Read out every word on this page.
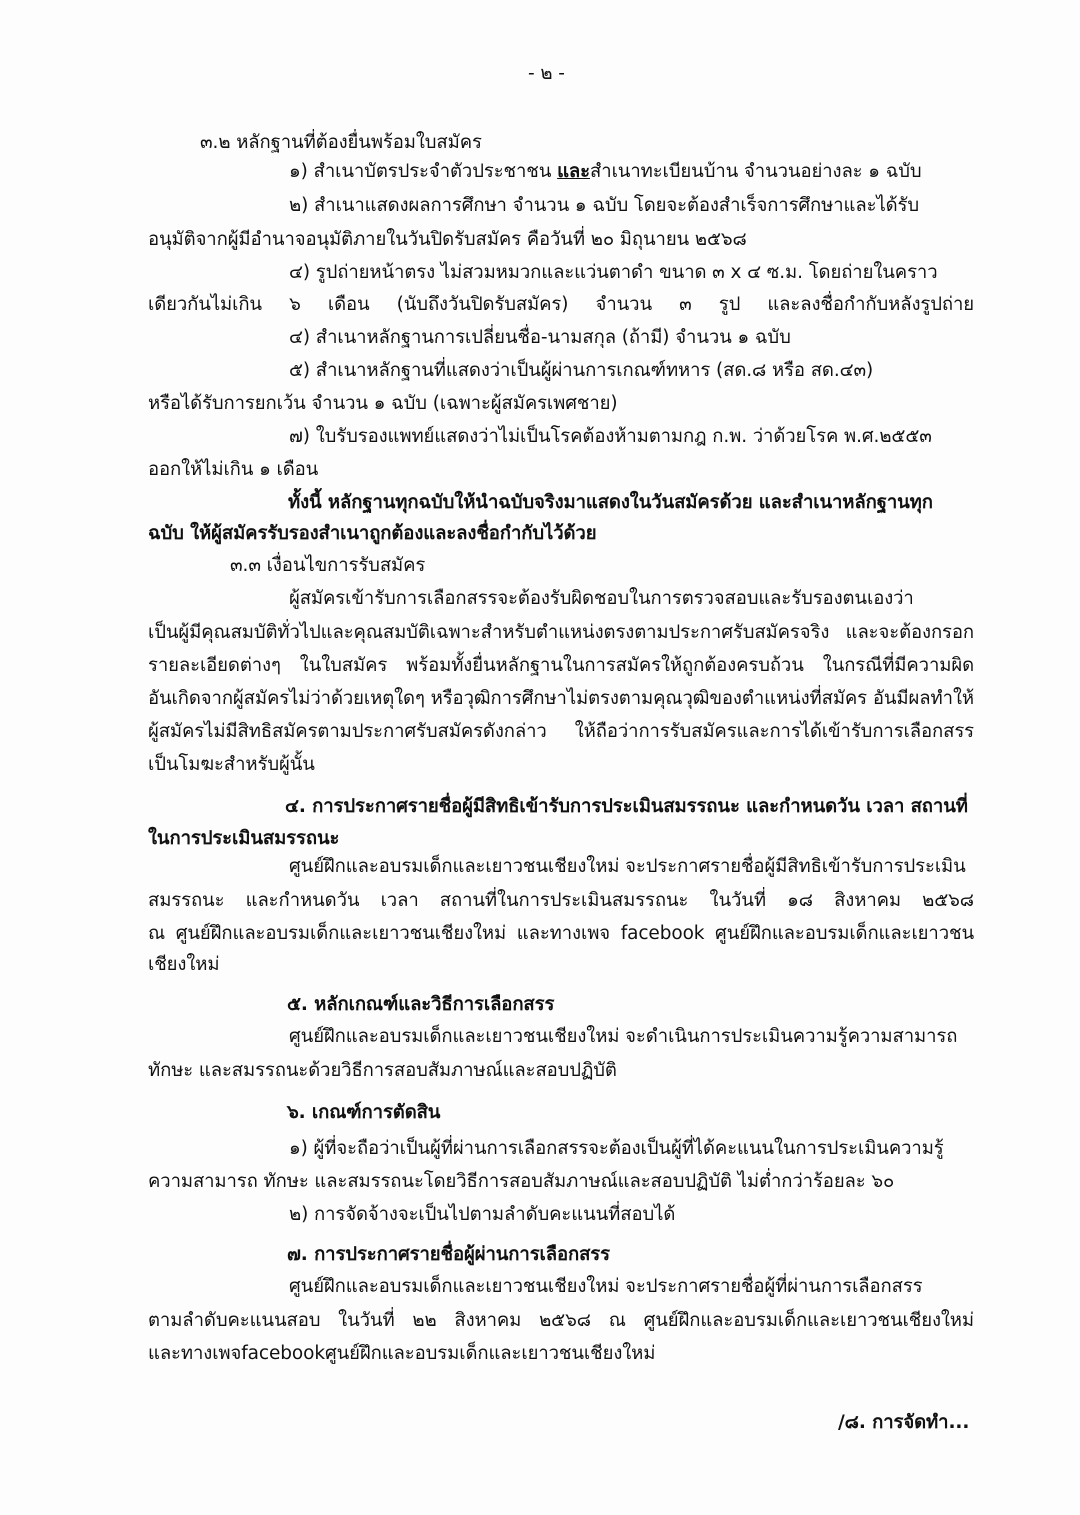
- ๒ -
๓.๒ หลักฐานที่ต้องยื่นพร้อมใบสมัคร
๑) สำเนาบัตรประจำตัวประชาชน และสำเนาทะเบียนบ้าน จำนวนอย่างละ ๑ ฉบับ
๒) สำเนาแสดงผลการศึกษา จำนวน ๑ ฉบับ โดยจะต้องสำเร็จการศึกษาและได้รับ
อนุมัติจากผู้มีอำนาจอนุมัติภายในวันปิดรับสมัคร คือวันที่ ๒๐ มิถุนายน ๒๕๖๘
๔) รูปถ่ายหน้าตรง ไม่สวมหมวกและแว่นตาดำ ขนาด ๓ x ๔ ซ.ม. โดยถ่ายในคราว
เดียวกันไม่เกิน ๖ เดือน (นับถึงวันปิดรับสมัคร) จำนวน ๓ รูป และลงชื่อกำกับหลังรูปถ่าย
๔) สำเนาหลักฐานการเปลี่ยนชื่อ-นามสกุล (ถ้ามี) จำนวน ๑ ฉบับ
๕) สำเนาหลักฐานที่แสดงว่าเป็นผู้ผ่านการเกณฑ์ทหาร (สด.๘ หรือ สด.๔๓)
หรือได้รับการยกเว้น จำนวน ๑ ฉบับ (เฉพาะผู้สมัครเพศชาย)
๗) ใบรับรองแพทย์แสดงว่าไม่เป็นโรคต้องห้ามตามกฎ ก.พ. ว่าด้วยโรค พ.ศ.๒๕๕๓
ออกให้ไม่เกิน ๑ เดือน
ทั้งนี้ หลักฐานทุกฉบับให้นำฉบับจริงมาแสดงในวันสมัครด้วย และสำเนาหลักฐานทุก
ฉบับ ให้ผู้สมัครรับรองสำเนาถูกต้องและลงชื่อกำกับไว้ด้วย
๓.๓ เงื่อนไขการรับสมัคร
ผู้สมัครเข้ารับการเลือกสรรจะต้องรับผิดชอบในการตรวจสอบและรับรองตนเองว่า
เป็นผู้มีคุณสมบัติทั่วไปและคุณสมบัติเฉพาะสำหรับตำแหน่งตรงตามประกาศรับสมัครจริง และจะต้องกรอก
รายละเอียดต่างๆ ในใบสมัคร พร้อมทั้งยื่นหลักฐานในการสมัครให้ถูกต้องครบถ้วน ในกรณีที่มีความผิด
อันเกิดจากผู้สมัครไม่ว่าด้วยเหตุใดๆ หรือวุฒิการศึกษาไม่ตรงตามคุณวุฒิของตำแหน่งที่สมัคร อันมีผลทำให้
ผู้สมัครไม่มีสิทธิสมัครตามประกาศรับสมัครดังกล่าว ให้ถือว่าการรับสมัครและการได้เข้ารับการเลือกสรร
เป็นโมฆะสำหรับผู้นั้น
๔. การประกาศรายชื่อผู้มีสิทธิเข้ารับการประเมินสมรรถนะ และกำหนดวัน เวลา สถานที่
ในการประเมินสมรรถนะ
ศูนย์ฝึกและอบรมเด็กและเยาวชนเชียงใหม่ จะประกาศรายชื่อผู้มีสิทธิเข้ารับการประเมิน
สมรรถนะ และกำหนดวัน เวลา สถานที่ในการประเมินสมรรถนะ ในวันที่ ๑๘ สิงหาคม ๒๕๖๘
ณ ศูนย์ฝึกและอบรมเด็กและเยาวชนเชียงใหม่ และทางเพจ facebook ศูนย์ฝึกและอบรมเด็กและเยาวชน
เชียงใหม่
๕. หลักเกณฑ์และวิธีการเลือกสรร
ศูนย์ฝึกและอบรมเด็กและเยาวชนเชียงใหม่ จะดำเนินการประเมินความรู้ความสามารถ
ทักษะ และสมรรถนะด้วยวิธีการสอบสัมภาษณ์และสอบปฏิบัติ
๖. เกณฑ์การตัดสิน
๑) ผู้ที่จะถือว่าเป็นผู้ที่ผ่านการเลือกสรรจะต้องเป็นผู้ที่ได้คะแนนในการประเมินความรู้
ความสามารถ ทักษะ และสมรรถนะโดยวิธีการสอบสัมภาษณ์และสอบปฏิบัติ ไม่ต่ำกว่าร้อยละ ๖๐
๒) การจัดจ้างจะเป็นไปตามลำดับคะแนนที่สอบได้
๗. การประกาศรายชื่อผู้ผ่านการเลือกสรร
ศูนย์ฝึกและอบรมเด็กและเยาวชนเชียงใหม่ จะประกาศรายชื่อผู้ที่ผ่านการเลือกสรร
ตามลำดับคะแนนสอบ ในวันที่ ๒๒ สิงหาคม ๒๕๖๘ ณ ศูนย์ฝึกและอบรมเด็กและเยาวชนเชียงใหม่
และทางเพจfacebookศูนย์ฝึกและอบรมเด็กและเยาวชนเชียงใหม่
/๘. การจัดทำ...
